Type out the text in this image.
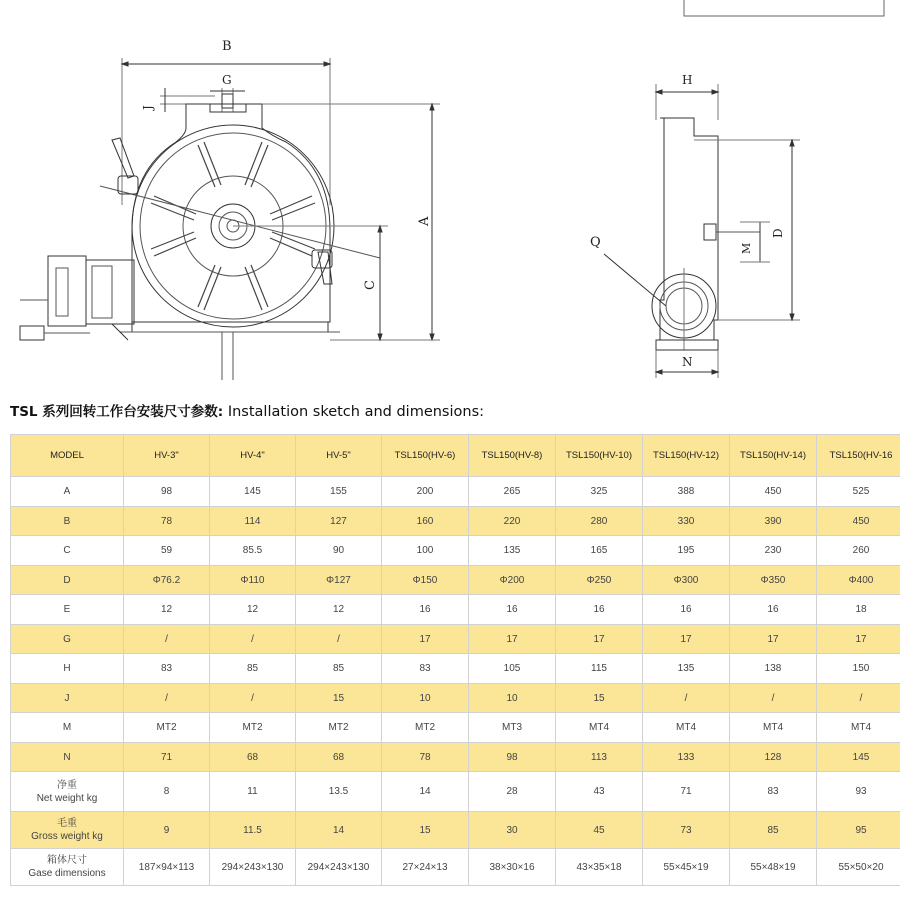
B
G
J
A
C
H
N
Q
D
M
TSL 系列回转工作台安装尺寸参数: Installation sketch and dimensions:
MODEL	HV-3"	HV-4"	HV-5"	TSL150(HV-6)	TSL150(HV-8)	TSL150(HV-10)	TSL150(HV-12)	TSL150(HV-14)	TSL150(HV-16

A	98	145	155	200	265	325	388	450	525

B	78	114	127	160	220	280	330	390	450

C	59	85.5	90	100	135	165	195	230	260

D	Φ76.2	Φ110	Φ127	Φ150	Φ200	Φ250	Φ300	Φ350	Φ400

E	12	12	12	16	16	16	16	16	18

G	/	/	/	17	17	17	17	17	17

H	83	85	85	83	105	115	135	138	150

J	/	/	15	10	10	15	/	/	/

M	MT2	MT2	MT2	MT2	MT3	MT4	MT4	MT4	MT4

N	71	68	68	78	98	113	133	128	145

净重
Net weight kg	8	11	13.5	14	28	43	71	83	93

毛重
Gross weight kg	9	11.5	14	15	30	45	73	85	95

箱体尺寸
Gase dimensions	187×94×113	294×243×130	294×243×130	27×24×13	38×30×16	43×35×18	55×45×19	55×48×19	55×50×20
